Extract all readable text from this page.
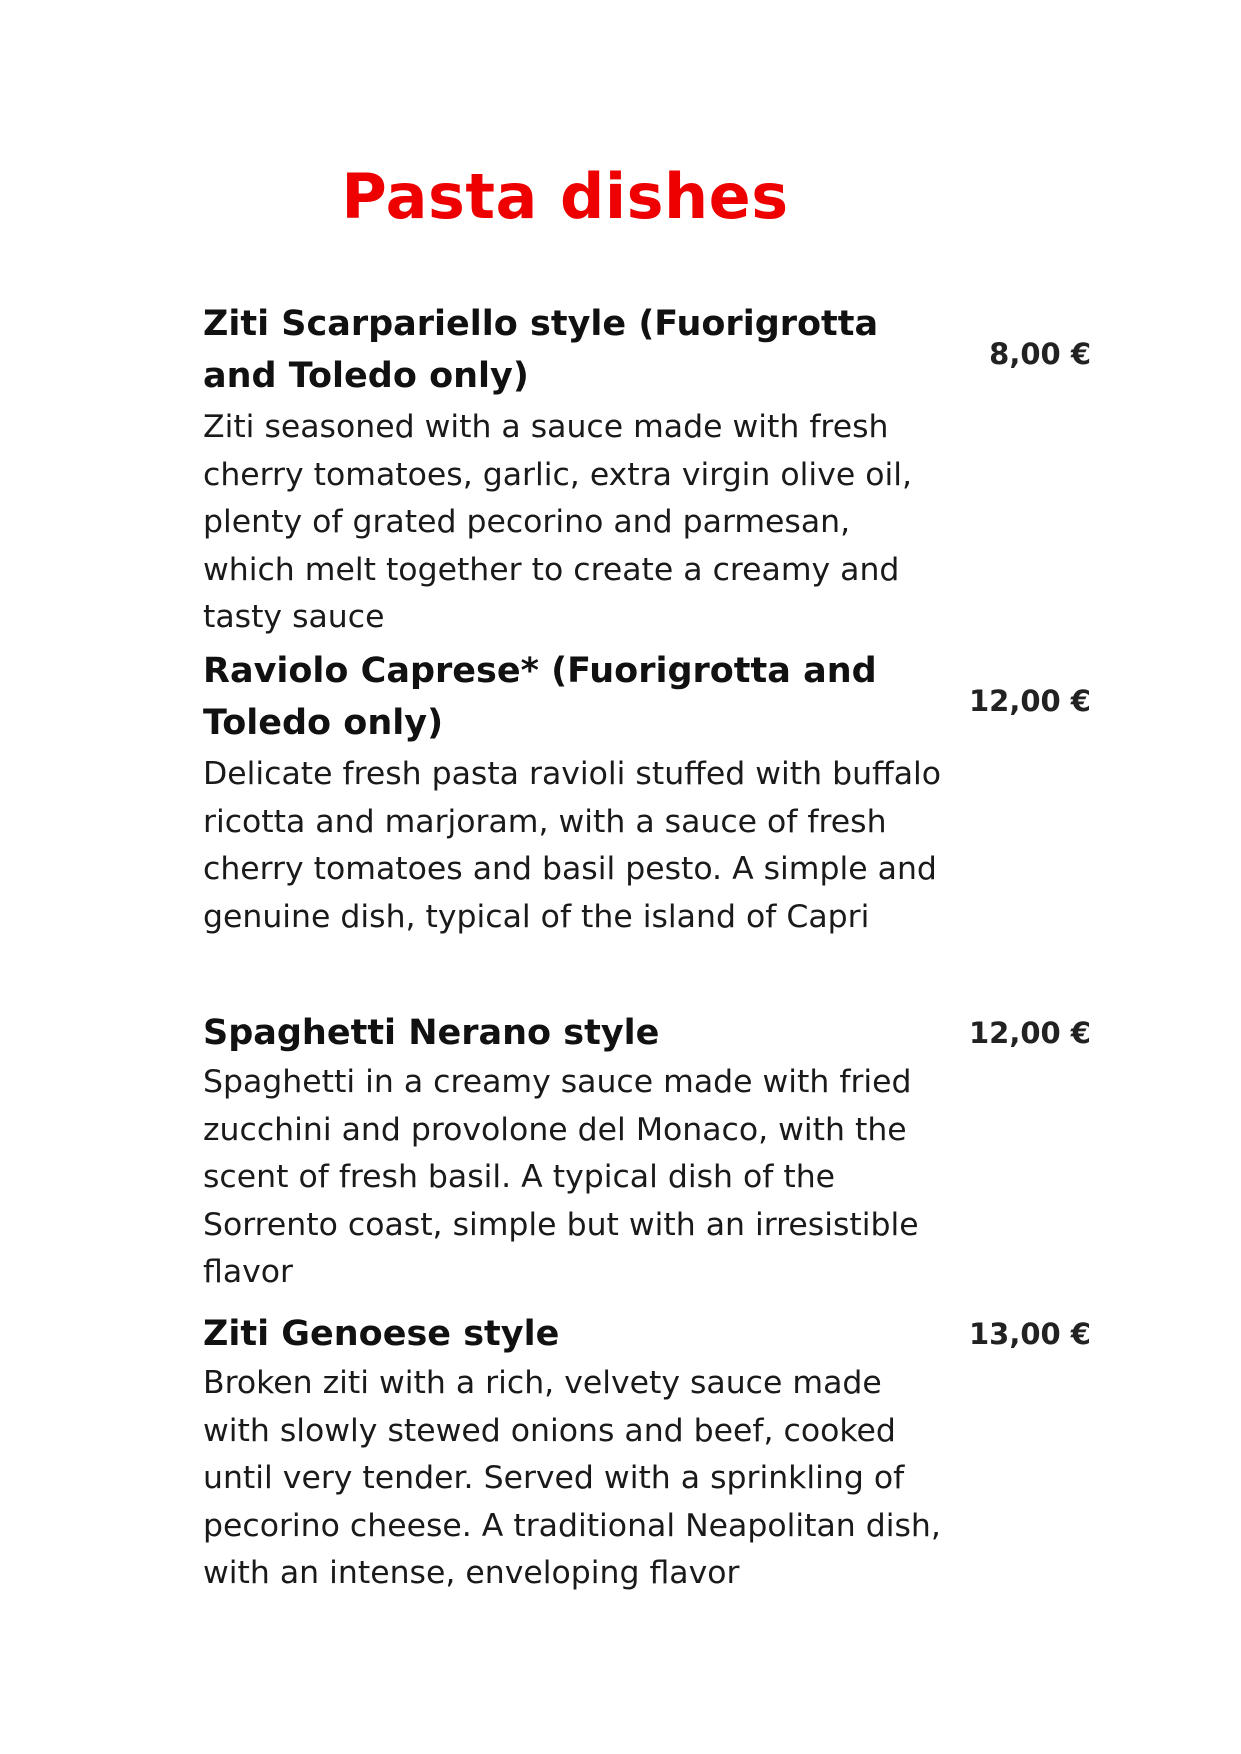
Pasta dishes
Ziti Scarpariello style (Fuorigrotta and Toledo only)
8,00 €
Ziti seasoned with a sauce made with fresh cherry tomatoes, garlic, extra virgin olive oil, plenty of grated pecorino and parmesan, which melt together to create a creamy and tasty sauce
Raviolo Caprese* (Fuorigrotta and Toledo only)
12,00 €
Delicate fresh pasta ravioli stuffed with buffalo ricotta and marjoram, with a sauce of fresh cherry tomatoes and basil pesto. A simple and genuine dish, typical of the island of Capri
Spaghetti Nerano style	12,00 €
Spaghetti in a creamy sauce made with fried zucchini and provolone del Monaco, with the scent of fresh basil. A typical dish of the Sorrento coast, simple but with an irresistible flavor
Ziti Genoese style	13,00 €
Broken ziti with a rich, velvety sauce made with slowly stewed onions and beef, cooked until very tender. Served with a sprinkling of pecorino cheese. A traditional Neapolitan dish, with an intense, enveloping flavor
